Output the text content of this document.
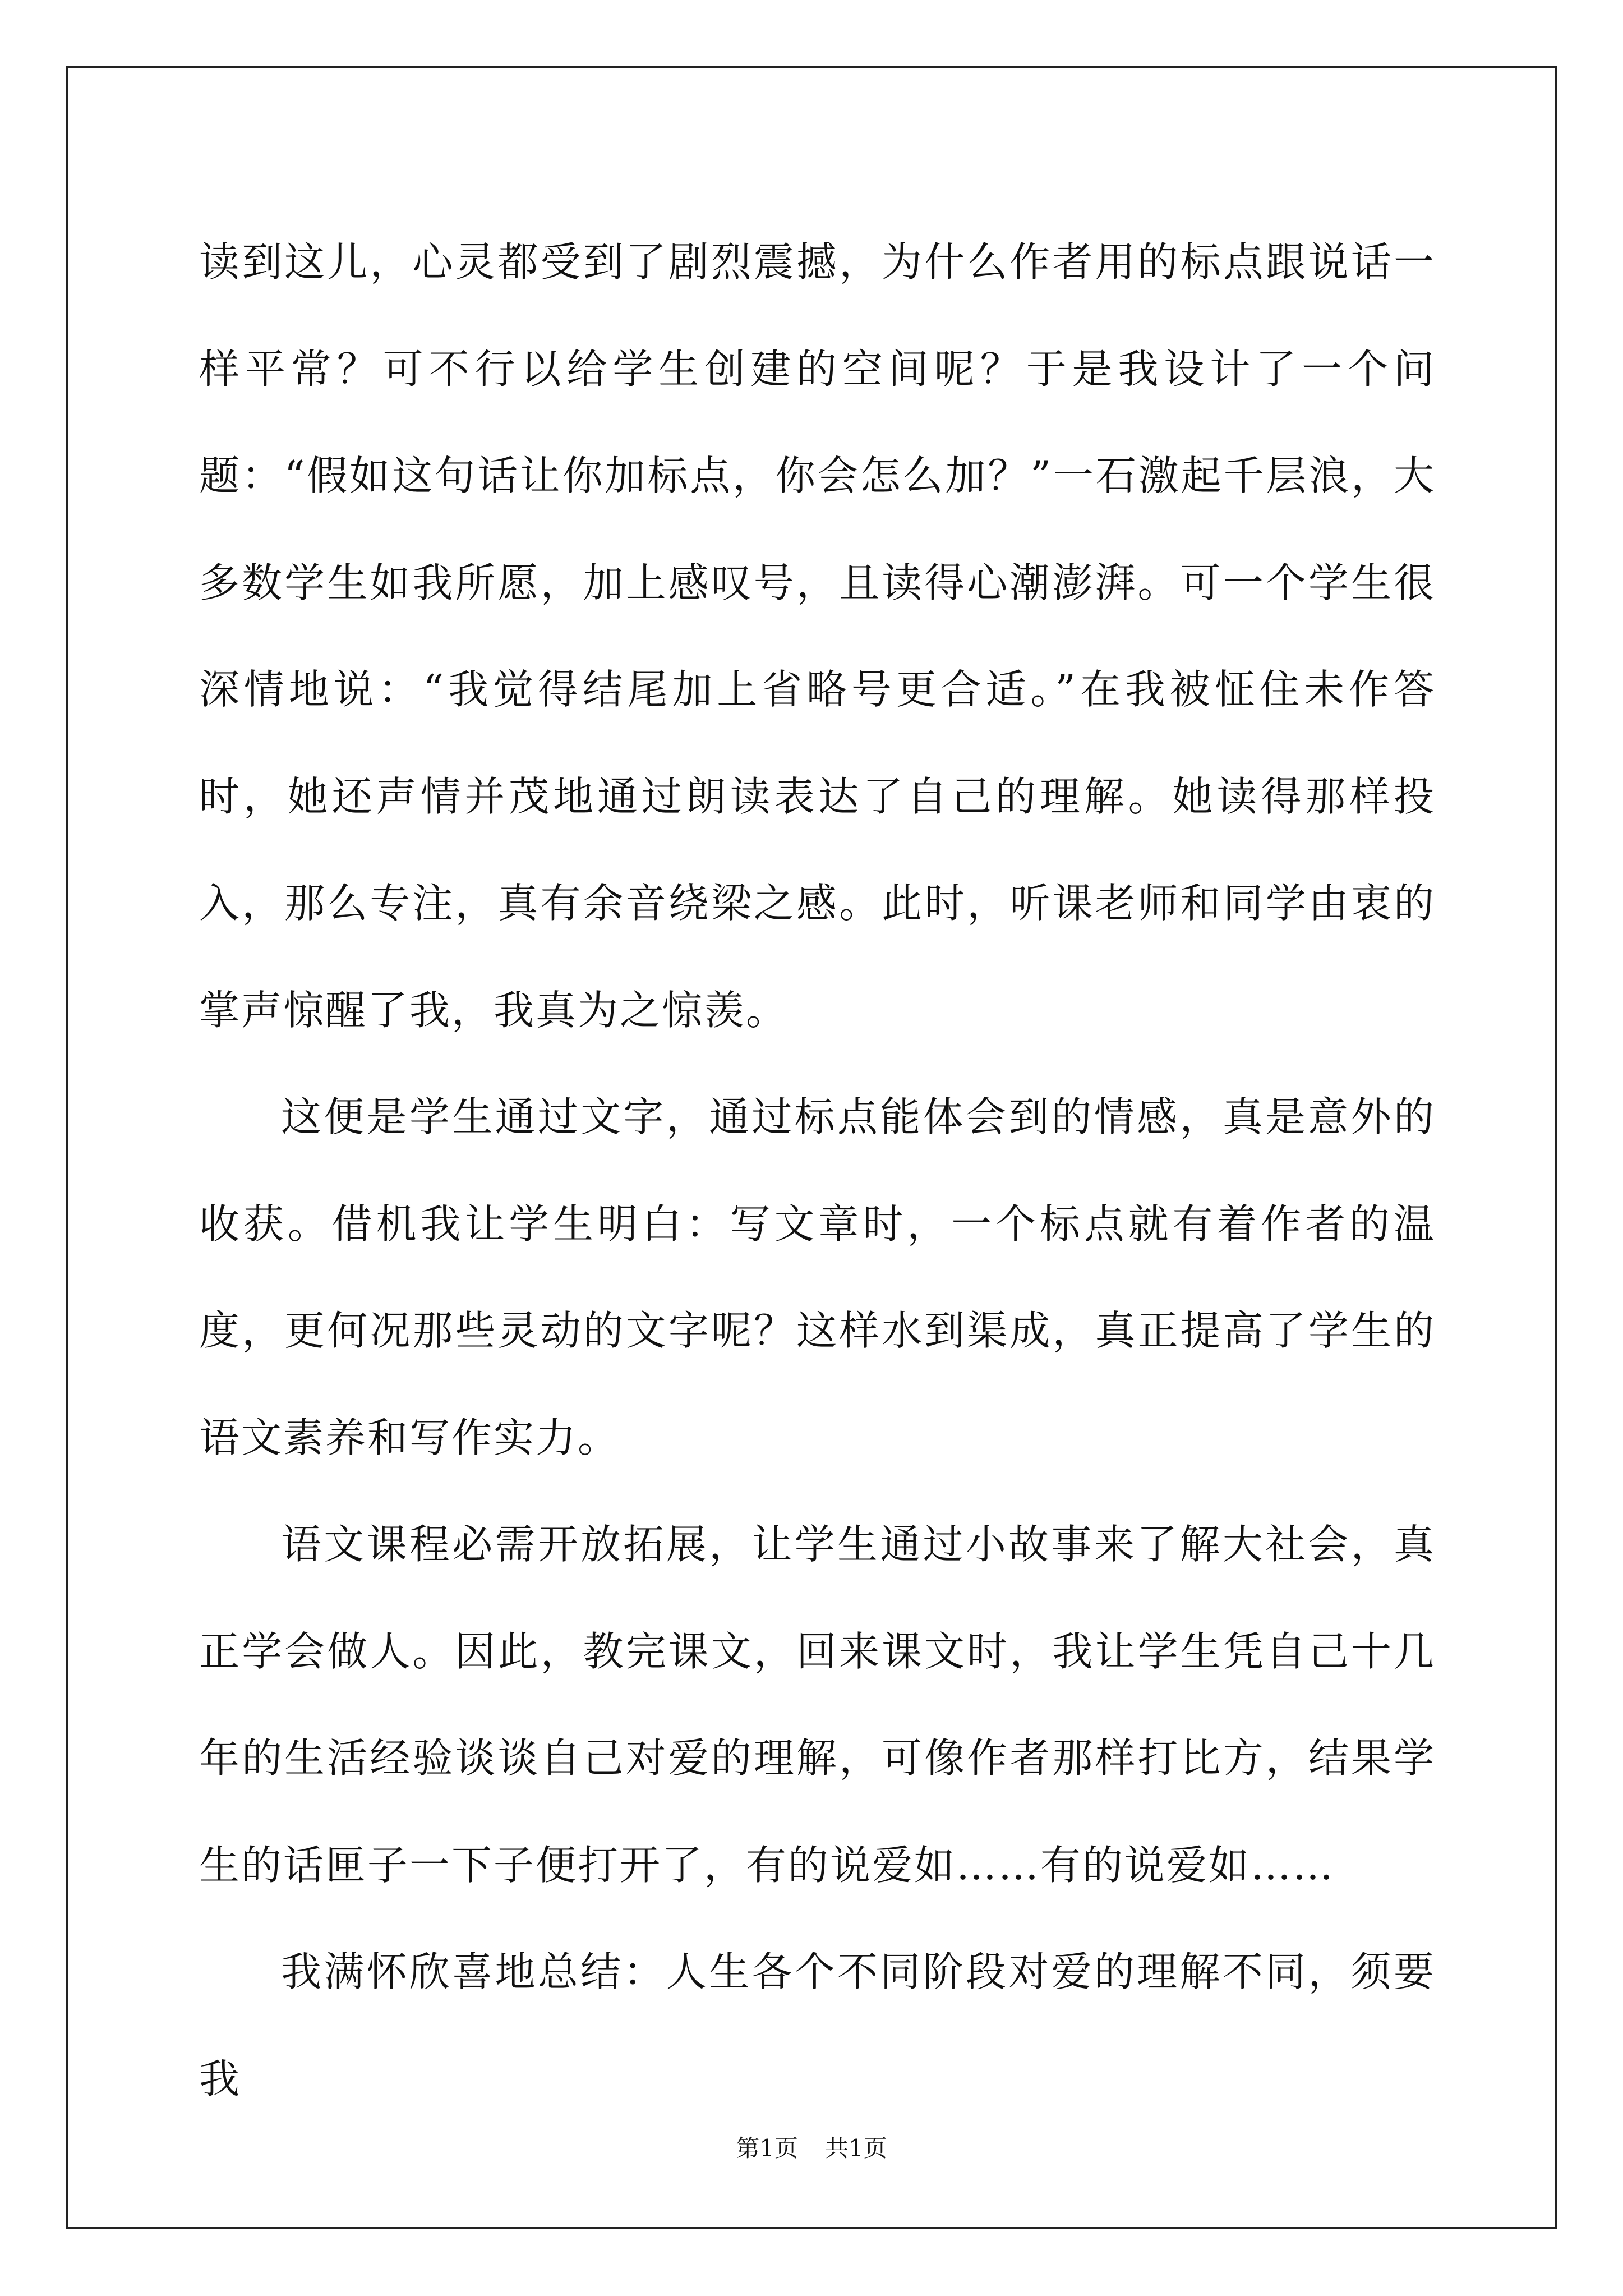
读到这儿，心灵都受到了剧烈震撼，为什么作者用的标点跟说话一样平常？可不行以给学生创建的空间呢？于是我设计了一个问题：“假如这句话让你加标点，你会怎么加？”一石激起千层浪，大多数学生如我所愿，加上感叹号，且读得心潮澎湃。可一个学生很深情地说：“我觉得结尾加上省略号更合适。”在我被怔住未作答时，她还声情并茂地通过朗读表达了自己的理解。她读得那样投入，那么专注，真有余音绕梁之感。此时，听课老师和同学由衷的掌声惊醒了我，我真为之惊羡。

这便是学生通过文字，通过标点能体会到的情感，真是意外的收获。借机我让学生明白：写文章时，一个标点就有着作者的温度，更何况那些灵动的文字呢？这样水到渠成，真正提高了学生的语文素养和写作实力。

语文课程必需开放拓展，让学生通过小故事来了解大社会，真正学会做人。因此，教完课文，回来课文时，我让学生凭自己十几年的生活经验谈谈自己对爱的理解，可像作者那样打比方，结果学生的话匣子一下子便打开了，有的说爱如……有的说爱如……

我满怀欣喜地总结：人生各个不同阶段对爱的理解不同，须要我

第1页 共1页
